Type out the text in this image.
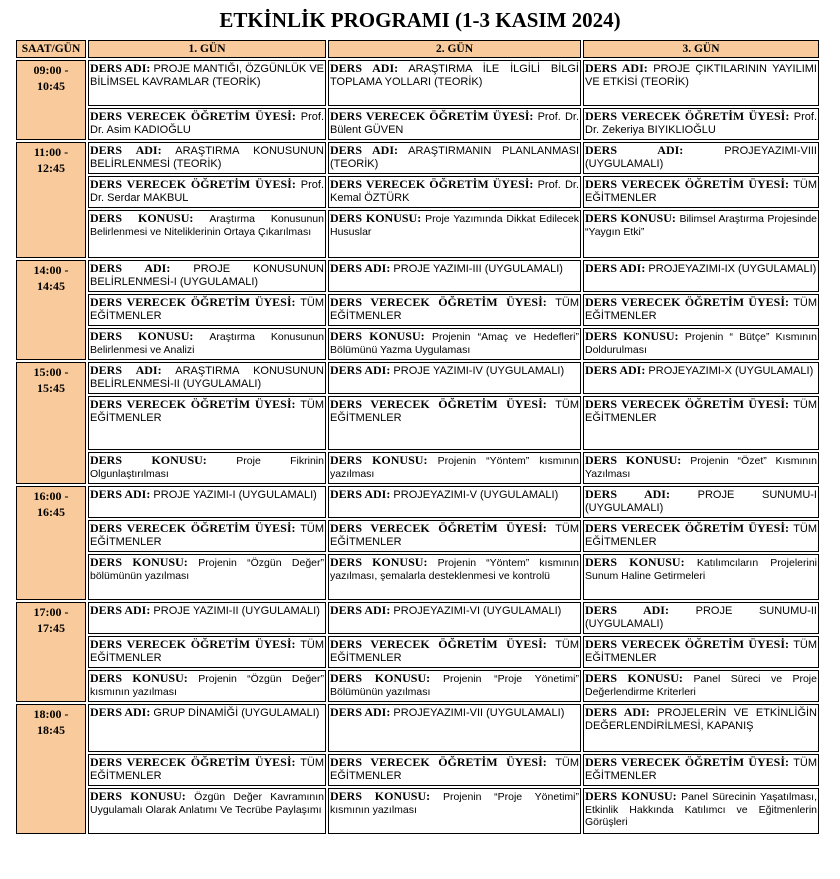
ETKİNLİK PROGRAMI (1-3 KASIM 2024)
SAAT/GÜN	1. GÜN	2. GÜN	3. GÜN

09:00 -
10:45	DERS ADI: PROJE MANTIĞI, ÖZGÜNLÜK VE BİLİMSEL KAVRAMLAR (TEORİK)	DERS ADI: ARAŞTIRMA İLE İLGİLİ BİLGİ TOPLAMA YOLLARI (TEORİK)	DERS ADI: PROJE ÇIKTILARININ YAYILIMI VE ETKİSİ (TEORİK)
	DERS VERECEK ÖĞRETİM ÜYESİ: Prof. Dr. Asim KADIOĞLU	DERS VERECEK ÖĞRETİM ÜYESİ: Prof. Dr. Bülent GÜVEN	DERS VERECEK ÖĞRETİM ÜYESİ: Prof. Dr. Zekeriya BIYIKLIOĞLU

11:00 -
12:45	DERS ADI: ARAŞTIRMA KONUSUNUN BELİRLENMESİ (TEORİK)	DERS ADI: ARAŞTIRMANIN PLANLANMASI (TEORİK)	DERS ADI: PROJEYAZIMI-VIII (UYGULAMALI)
	DERS VERECEK ÖĞRETİM ÜYESİ: Prof. Dr. Serdar MAKBUL	DERS VERECEK ÖĞRETİM ÜYESİ: Prof. Dr. Kemal ÖZTÜRK	DERS VERECEK ÖĞRETİM ÜYESİ: TÜM EĞİTMENLER
	DERS KONUSU: Araştırma Konusunun Belirlenmesi ve Niteliklerinin Ortaya Çıkarılması	DERS KONUSU: Proje Yazımında Dikkat Edilecek Hususlar	DERS KONUSU: Bilimsel Araştırma Projesinde “Yaygın Etki”

14:00 -
14:45	DERS ADI: PROJE KONUSUNUN BELİRLENMESİ-I (UYGULAMALI)	DERS ADI: PROJE YAZIMI-III (UYGULAMALI)	DERS ADI: PROJEYAZIMI-IX (UYGULAMALI)
	DERS VERECEK ÖĞRETİM ÜYESİ: TÜM EĞİTMENLER	DERS VERECEK ÖĞRETİM ÜYESİ: TÜM EĞİTMENLER	DERS VERECEK ÖĞRETİM ÜYESİ: TÜM EĞİTMENLER
	DERS KONUSU: Araştırma Konusunun Belirlenmesi ve Analizi	DERS KONUSU: Projenin “Amaç ve Hedefleri” Bölümünü Yazma Uygulaması	DERS KONUSU: Projenin “ Bütçe” Kısmının Doldurulması

15:00 -
15:45	DERS ADI: ARAŞTIRMA KONUSUNUN BELİRLENMESİ-II (UYGULAMALI)	DERS ADI: PROJE YAZIMI-IV (UYGULAMALI)	DERS ADI: PROJEYAZIMI-X (UYGULAMALI)
	DERS VERECEK ÖĞRETİM ÜYESİ: TÜM EĞİTMENLER	DERS VERECEK ÖĞRETİM ÜYESİ: TÜM EĞİTMENLER	DERS VERECEK ÖĞRETİM ÜYESİ: TÜM EĞİTMENLER
	DERS KONUSU: Proje Fikrinin Olgunlaştırılması	DERS KONUSU: Projenin “Yöntem” kısmının yazılması	DERS KONUSU: Projenin “Özet” Kısmının Yazılması

16:00 -
16:45	DERS ADI: PROJE YAZIMI-I (UYGULAMALI)	DERS ADI: PROJEYAZIMI-V (UYGULAMALI)	DERS ADI: PROJE SUNUMU-I (UYGULAMALI)
	DERS VERECEK ÖĞRETİM ÜYESİ: TÜM EĞİTMENLER	DERS VERECEK ÖĞRETİM ÜYESİ: TÜM EĞİTMENLER	DERS VERECEK ÖĞRETİM ÜYESİ: TÜM EĞİTMENLER
	DERS KONUSU: Projenin “Özgün Değer” bölümünün yazılması	DERS KONUSU: Projenin “Yöntem” kısmının yazılması, şemalarla desteklenmesi ve kontrolü	DERS KONUSU: Katılımcıların Projelerini Sunum Haline Getirmeleri

17:00 -
17:45	DERS ADI: PROJE YAZIMI-II (UYGULAMALI)	DERS ADI: PROJEYAZIMI-VI (UYGULAMALI)	DERS ADI: PROJE SUNUMU-II (UYGULAMALI)
	DERS VERECEK ÖĞRETİM ÜYESİ: TÜM EĞİTMENLER	DERS VERECEK ÖĞRETİM ÜYESİ: TÜM EĞİTMENLER	DERS VERECEK ÖĞRETİM ÜYESİ: TÜM EĞİTMENLER
	DERS KONUSU: Projenin “Özgün Değer” kısmının yazılması	DERS KONUSU: Projenin “Proje Yönetimi” Bölümünün yazılması	DERS KONUSU: Panel Süreci ve Proje Değerlendirme Kriterleri

18:00 -
18:45	DERS ADI: GRUP DİNAMİĞİ (UYGULAMALI)	DERS ADI: PROJEYAZIMI-VII (UYGULAMALI)	DERS ADI: PROJELERİN VE ETKİNLİĞİN DEĞERLENDİRİLMESİ, KAPANIŞ
	DERS VERECEK ÖĞRETİM ÜYESİ: TÜM EĞİTMENLER	DERS VERECEK ÖĞRETİM ÜYESİ: TÜM EĞİTMENLER	DERS VERECEK ÖĞRETİM ÜYESİ: TÜM EĞİTMENLER
	DERS KONUSU: Özgün Değer Kavramının Uygulamalı Olarak Anlatımı Ve Tecrübe Paylaşımı	DERS KONUSU: Projenin “Proje Yönetimi” kısmının yazılması	DERS KONUSU: Panel Sürecinin Yaşatılması, Etkinlik Hakkında Katılımcı ve Eğitmenlerin Görüşleri
